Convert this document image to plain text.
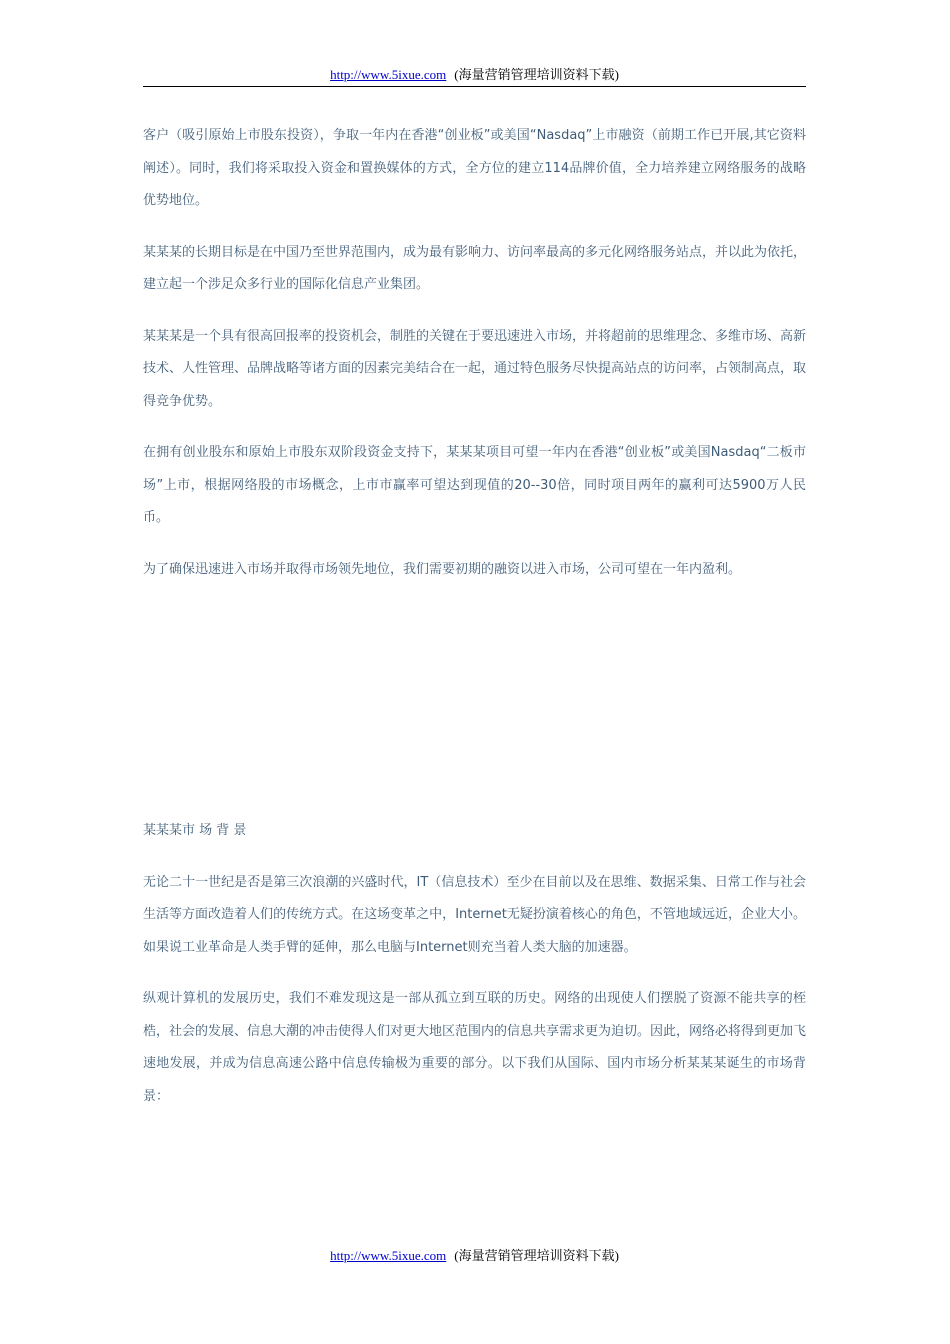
http://www.5ixue.com (海量营销管理培训资料下载)

客户（吸引原始上市股东投资），争取一年内在香港“创业板”或美国“Nasdaq”上市融资（前期工作已开展,其它资料阐述）。同时，我们将采取投入资金和置换媒体的方式，全方位的建立114品牌价值，全力培养建立网络服务的战略优势地位。

某某某的长期目标是在中国乃至世界范围内，成为最有影响力、访问率最高的多元化网络服务站点，并以此为依托，建立起一个涉足众多行业的国际化信息产业集团。

某某某是一个具有很高回报率的投资机会，制胜的关键在于要迅速进入市场，并将超前的思维理念、多维市场、高新技术、人性管理、品牌战略等诸方面的因素完美结合在一起，通过特色服务尽快提高站点的访问率，占领制高点，取得竞争优势。

在拥有创业股东和原始上市股东双阶段资金支持下，某某某项目可望一年内在香港“创业板”或美国Nasdaq“二板市场”上市，根据网络股的市场概念，上市市赢率可望达到现值的20--30倍，同时项目两年的赢利可达5900万人民币。

为了确保迅速进入市场并取得市场领先地位，我们需要初期的融资以进入市场，公司可望在一年内盈利。

某某某市 场 背 景

无论二十一世纪是否是第三次浪潮的兴盛时代，IT（信息技术）至少在目前以及在思维、数据采集、日常工作与社会生活等方面改造着人们的传统方式。在这场变革之中，Internet无疑扮演着核心的角色，不管地域远近，企业大小。如果说工业革命是人类手臂的延伸，那么电脑与Internet则充当着人类大脑的加速器。

纵观计算机的发展历史，我们不难发现这是一部从孤立到互联的历史。网络的出现使人们摆脱了资源不能共享的桎梏，社会的发展、信息大潮的冲击使得人们对更大地区范围内的信息共享需求更为迫切。因此，网络必将得到更加飞速地发展，并成为信息高速公路中信息传输极为重要的部分。以下我们从国际、国内市场分析某某某诞生的市场背景：

http://www.5ixue.com (海量营销管理培训资料下载)
